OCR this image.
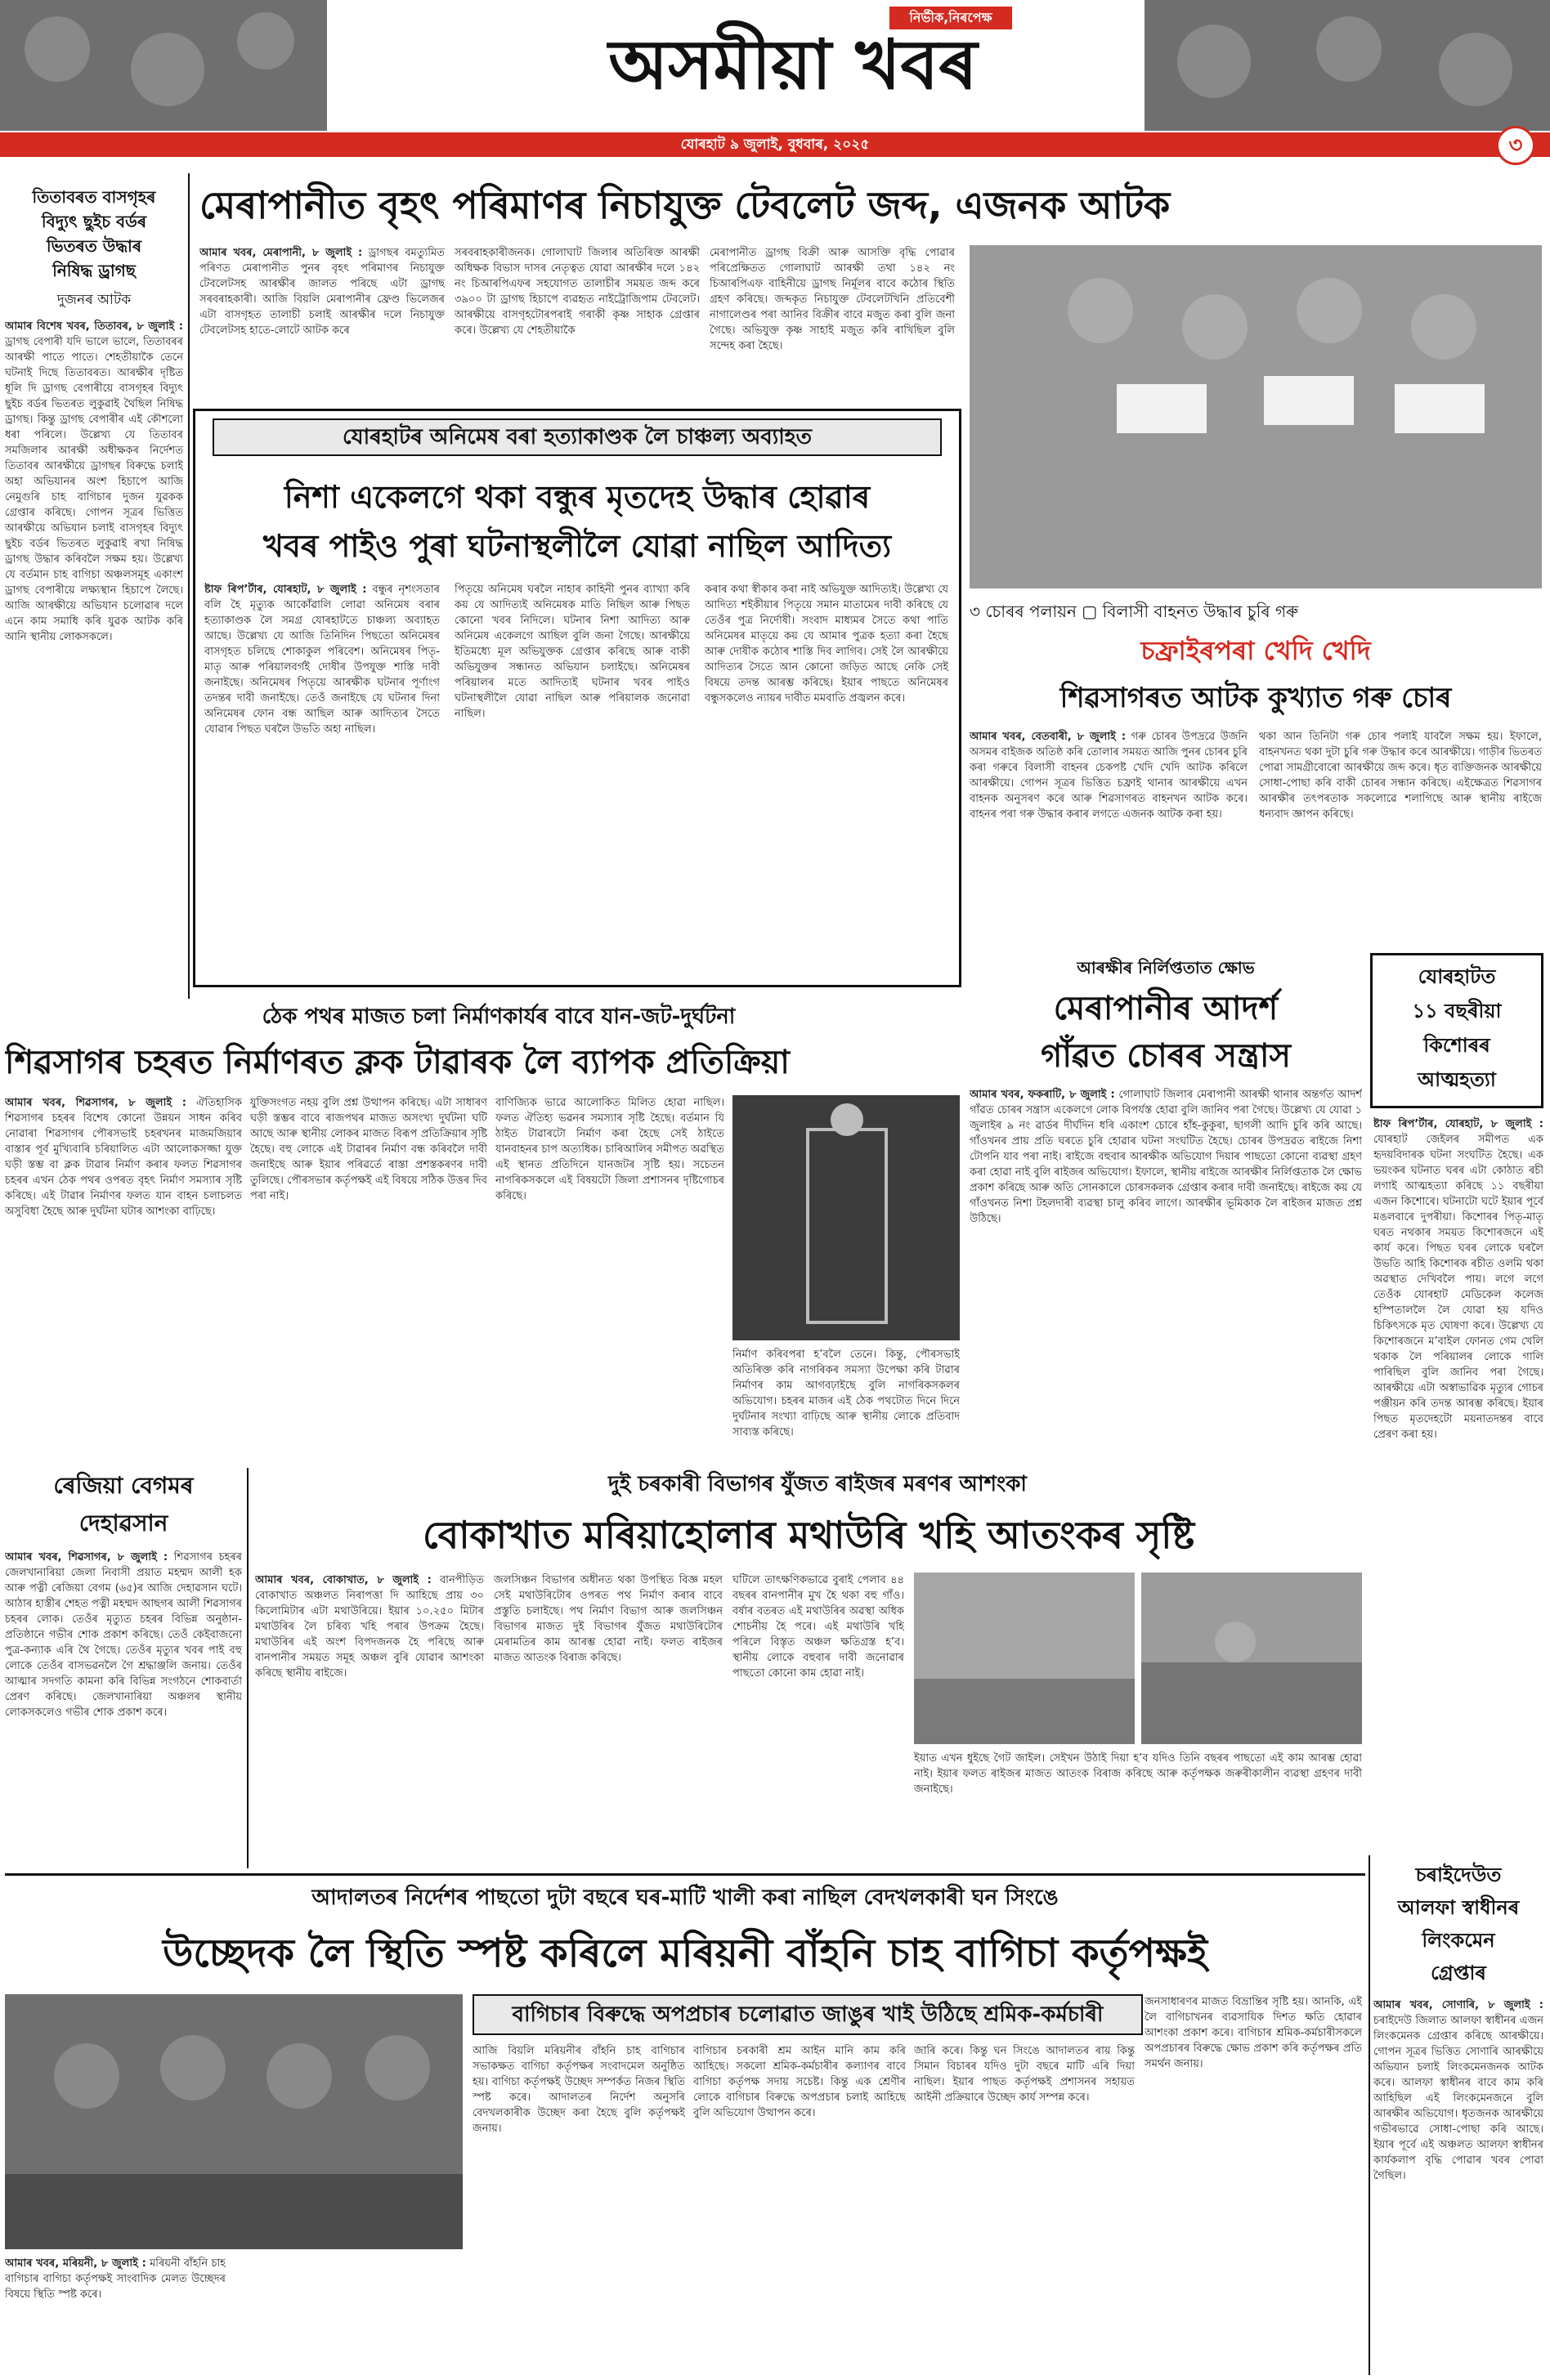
নিৰ্ভীক,নিৰপেক্ষ
অসমীয়া খবৰ
যোৰহাট ৯ জুলাই, বুধবাৰ, ২০২৫	৩
তিতাবৰত বাসগৃহৰ
বিদ্যুৎ ছুইচ বৰ্ডৰ
ভিতৰত উদ্ধাৰ
নিষিদ্ধ ড্ৰাগছ
দুজনৰ আটক
আমাৰ বিশেষ খবৰ, তিতাবৰ, ৮ জুলাই : ড্ৰাগছ বেপাৰী যদি ভালে ভালে, তিতাবৰৰ আৰক্ষী পাতে পাতে। শেহতীয়াকৈ তেনে ঘটনাই দিছে তিতাবৰত। আৰক্ষীৰ দৃষ্টিত ধূলি দি ড্ৰাগছ বেপাৰীয়ে বাসগৃহৰ বিদ্যুৎ ছুইচ বৰ্ডৰ ভিতৰত লুকুৱাই থৈছিল নিষিদ্ধ ড্ৰাগছ। কিন্তু ড্ৰাগছ বেপাৰীৰ এই কৌশলো ধৰা পৰিলে। উল্লেখ্য যে তিতাবৰ সমজিলাৰ আৰক্ষী অধীক্ষকৰ নিৰ্দেশত তিতাবৰ আৰক্ষীয়ে ড্ৰাগছৰ বিৰুদ্ধে চলাই অহা অভিযানৰ অংশ হিচাপে আজি নেমুগুৰি চাহ বাগিচাৰ দুজন যুৱকক গ্ৰেপ্তাৰ কৰিছে। গোপন সূত্ৰৰ ভিত্তিত আৰক্ষীয়ে অভিযান চলাই বাসগৃহৰ বিদ্যুৎ ছুইচ বৰ্ডৰ ভিতৰত লুকুৱাই ৰখা নিষিদ্ধ ড্ৰাগছ উদ্ধাৰ কৰিবলৈ সক্ষম হয়। উল্লেখ্য যে বৰ্তমান চাহ বাগিচা অঞ্চলসমূহ একাংশ ড্ৰাগছ বেপাৰীয়ে লক্ষ্যস্থান হিচাপে লৈছে। আজি আৰক্ষীয়ে অভিযান চলোৱাৰ দলে এনে কাম সমাধি কৰি যুৱক আটক কৰি আনি স্থানীয় লোকসকলে।
মেৰাপানীত বৃহৎ পৰিমাণৰ নিচাযুক্ত টেবলেট জব্দ, এজনক আটক
আমাৰ খবৰ, মেৰাপানী, ৮ জুলাই : ড্ৰাগছৰ বমত্যুমিত পৰিণত মেৰাপানীত পুনৰ বৃহৎ পৰিমাণৰ নিচাযুক্ত টেবলেটসহ আৰক্ষীৰ জালত পৰিছে এটা ড্ৰাগছ সৰবৰাহকাৰী। আজি বিয়লি মেৰাপানীৰ ফ্ৰেণ্ড ভিলেজৰ এটা বাসগৃহত তালাচী চলাই আৰক্ষীৰ দলে নিচাযুক্ত টেবলেটসহ হাতে-লোটে আটক কৰে
সৰবৰাহকাৰীজনক। গোলাঘাট জিলাৰ অতিৰিক্ত আৰক্ষী অধিক্ষক বিভাস দাসৰ নেতৃত্বত যোৱা আৰক্ষীৰ দলে ১৪২ নং চিআৰপিএফৰ সহযোগত তালাচীৰ সময়ত জব্দ কৰে ৩৯০০ টা ড্ৰাগছ হিচাপে ব্যৱহৃত নাইট্ৰোজিপাম টেবলেট। আৰক্ষীয়ে বাসগৃহটোৰপৰাই গৰাকী কৃষ্ণ সাহাক গ্ৰেপ্তাৰ কৰে। উল্লেখ্য যে শেহতীয়াকৈ
মেৰাপানীত ড্ৰাগছ বিক্ৰী আৰু আসক্তি বৃদ্ধি পোৱাৰ পৰিপ্ৰেক্ষিতত গোলাঘাট আৰক্ষী তথা ১৪২ নং চিআৰপিএফ বাহিনীয়ে ড্ৰাগছ নিৰ্মূলৰ বাবে কঠোৰ স্থিতি গ্ৰহণ কৰিছে। জব্দকৃত নিচাযুক্ত টেবলেটখিনি প্ৰতিবেশী নাগালেণ্ডৰ পৰা আনিব বিক্ৰীৰ বাবে মজুত কৰা বুলি জনা গৈছে। অভিযুক্ত কৃষ্ণ সাহাই মজুত কৰি ৰাখিছিল বুলি সন্দেহ কৰা হৈছে।
যোৰহাটৰ অনিমেষ বৰা হত্যাকাণ্ডক লৈ চাঞ্চল্য অব্যাহত
নিশা একেলগে থকা বন্ধুৰ মৃতদেহ উদ্ধাৰ হোৱাৰ
খবৰ পাইও পুৰা ঘটনাস্থলীলৈ যোৱা নাছিল আদিত্য
ষ্টাফ ৰিপ’ৰ্টাৰ, যোৰহাট, ৮ জুলাই : বন্ধুৰ নৃশংসতাৰ বলি হৈ মৃত্যুক আকোঁৱালি লোৱা অনিমেষ বৰাৰ হত্যাকাণ্ডক লৈ সমগ্ৰ যোৰহাটতে চাঞ্চল্য অব্যাহত আছে। উল্লেখ্য যে আজি তিনিদিন পিছতো অনিমেষৰ বাসগৃহত চলিছে শোকাকুল পৰিবেশ। অনিমেষৰ পিতৃ-মাতৃ আৰু পৰিয়ালবৰ্গই দোষীৰ উপযুক্ত শাস্তি দাবী জনাইছে। অনিমেষৰ পিতৃয়ে আৰক্ষীক ঘটনাৰ পূৰ্ণাংগ তদন্তৰ দাবী জনাইছে। তেওঁ জনাইছে যে ঘটনাৰ দিনা অনিমেষৰ ফোন বন্ধ আছিল আৰু আদিত্যৰ সৈতে যোৱাৰ পিছত ঘৰলৈ উভতি অহা নাছিল।
পিতৃয়ে অনিমেষ ঘৰলৈ নাহাৰ কাহিনী পুনৰ ব্যাখ্যা কৰি কয় যে আদিত্যই অনিমেষক মাতি নিছিল আৰু পিছত কোনো খবৰ নিদিলে। ঘটনাৰ নিশা আদিত্য আৰু অনিমেষ একেলগে আছিল বুলি জনা গৈছে। আৰক্ষীয়ে ইতিমধ্যে মূল অভিযুক্তক গ্ৰেপ্তাৰ কৰিছে আৰু বাকী অভিযুক্তৰ সন্ধানত অভিযান চলাইছে। অনিমেষৰ পৰিয়ালৰ মতে আদিত্যই ঘটনাৰ খবৰ পাইও ঘটনাস্থলীলৈ যোৱা নাছিল আৰু পৰিয়ালক জনোৱা নাছিল।
কৰাৰ কথা স্বীকাৰ কৰা নাই অভিযুক্ত আদিত্যই। উল্লেখ্য যে আদিত্য শইকীয়াৰ পিতৃয়ে সমান মাতামেৰ দাবী কৰিছে যে তেওঁৰ পুত্ৰ নিৰ্দোষী। সংবাদ মাধ্যমৰ সৈতে কথা পাতি অনিমেষৰ মাতৃয়ে কয় যে আমাৰ পুত্ৰক হত্যা কৰা হৈছে আৰু দোষীক কঠোৰ শাস্তি দিব লাগিব। সেই লৈ আৰক্ষীয়ে আদিত্যৰ সৈতে আন কোনো জড়িত আছে নেকি সেই বিষয়ে তদন্ত আৰম্ভ কৰিছে। ইয়াৰ পাছতে অনিমেষৰ বন্ধুসকলেও ন্যায়ৰ দাবীত মমবাতি প্ৰজ্বলন কৰে।
৩ চোৰৰ পলায়ন ▢ বিলাসী বাহনত উদ্ধাৰ চুৰি গৰু
চফ্ৰাইৰপৰা খেদি খেদি
শিৱসাগৰত আটক কুখ্যাত গৰু চোৰ
আমাৰ খবৰ, বেতবাৰী, ৮ জুলাই : গৰু চোৰৰ উপদ্ৰৱে উজনি অসমৰ বাইজক অতিষ্ঠ কৰি তোলাৰ সময়ত আজি পুনৰ চোৰৰ চুৰি কৰা গৰুৰে বিলাসী বাহনৰ চেকপষ্ট খেদি খেদি আটক কৰিলে আৰক্ষীয়ে। গোপন সূত্ৰৰ ভিত্তিত চফ্ৰাই থানাৰ আৰক্ষীয়ে এখন বাহনক অনুসৰণ কৰে আৰু শিৱসাগৰত বাহনখন আটক কৰে। বাহনৰ পৰা গৰু উদ্ধাৰ কৰাৰ লগতে এজনক আটক কৰা হয়।
থকা আন তিনিটা গৰু চোৰ পলাই যাবলৈ সক্ষম হয়। ইফালে, বাহনখনত থকা দুটা চুৰি গৰু উদ্ধাৰ কৰে আৰক্ষীয়ে। গাড়ীৰ ভিতৰত পোৱা সামগ্ৰীবোৰো আৰক্ষীয়ে জব্দ কৰে। ধৃত ব্যক্তিজনক আৰক্ষীয়ে সোধা-পোছা কৰি বাকী চোৰৰ সন্ধান কৰিছে। এইক্ষেত্ৰত শিৱসাগৰ আৰক্ষীৰ তৎপৰতাক সকলোৱে শলাগিছে আৰু স্থানীয় ৰাইজে ধন্যবাদ জ্ঞাপন কৰিছে।
ঠেক পথৰ মাজত চলা নিৰ্মাণকাৰ্যৰ বাবে যান-জট-দুৰ্ঘটনা
শিৱসাগৰ চহৰত নিৰ্মাণৰত ক্লক টাৱাৰক লৈ ব্যাপক প্ৰতিক্ৰিয়া
আমাৰ খবৰ, শিৱসাগৰ, ৮ জুলাই : ঐতিহাসিক শিৱসাগৰ চহৰৰ বিশেষ কোনো উন্নয়ন সাধন কৰিব নোৱাৰা শিৱসাগৰ পৌৰসভাই চহৰখনৰ মাজমজিয়াৰ বাস্তাৰ পূৰ্ব মুখ্যিবাৰি চৰিয়ালিত এটা আলোকসজ্জা যুক্ত ঘড়ী স্তম্ভ বা ক্লক টাৱাৰ নিৰ্মাণ কৰাৰ ফলত শিৱসাগৰ চহৰৰ এখন ঠেক পথৰ ওপৰত বৃহৎ নিৰ্মাণ সমস্যাৰ সৃষ্টি কৰিছে। এই টাৱাৰ নিৰ্মাণৰ ফলত যান বাহন চলাচলত অসুবিধা হৈছে আৰু দুৰ্ঘটনা ঘটাৰ আশংকা বাঢ়িছে।
যুক্তিসংগত নহয় বুলি প্ৰশ্ন উত্থাপন কৰিছে। এটা সাধাৰণ ঘড়ী স্তম্ভৰ বাবে ৰাজপথৰ মাজত অসংখ্য দুৰ্ঘটনা ঘটি আছে আৰু স্থানীয় লোকৰ মাজত বিৰূপ প্ৰতিক্ৰিয়াৰ সৃষ্টি হৈছে। বহু লোকে এই টাৱাৰৰ নিৰ্মাণ বন্ধ কৰিবলৈ দাবী জনাইছে আৰু ইয়াৰ পৰিৱৰ্তে ৰাস্তা প্ৰশস্তকৰণৰ দাবী তুলিছে। পৌৰসভাৰ কৰ্তৃপক্ষই এই বিষয়ে সঠিক উত্তৰ দিব পৰা নাই।
বাণিজ্যিক ভাৱে আলোকিত মিলিত হোৱা নাছিল। ফলত ঐতিহ্য ভৱনৰ সমস্যাৰ সৃষ্টি হৈছে। বৰ্তমান যি ঠাইত টাৱাৰটো নিৰ্মাণ কৰা হৈছে সেই ঠাইতে যানবাহনৰ চাপ অত্যধিক। চাৰিআলিৰ সমীপত অৱস্থিত এই স্থানত প্ৰতিদিনে যানজটৰ সৃষ্টি হয়। সচেতন নাগৰিকসকলে এই বিষয়টো জিলা প্ৰশাসনৰ দৃষ্টিগোচৰ কৰিছে।
নিৰ্মাণ কৰিবপৰা হ’বলৈ তেনে। কিন্তু, পৌৰসভাই অতিৰিক্ত কৰি নাগৰিকৰ সমস্যা উপেক্ষা কৰি টাৱাৰ নিৰ্মাণৰ কাম আগবঢ়াইছে বুলি নাগৰিকসকলৰ অভিযোগ। চহৰৰ মাজৰ এই ঠেক পথটোত দিনে দিনে দুৰ্ঘটনাৰ সংখ্যা বাঢ়িছে আৰু স্থানীয় লোকে প্ৰতিবাদ সাব্যস্ত কৰিছে।
আৰক্ষীৰ নিৰ্লিপ্ততাত ক্ষোভ
মেৰাপানীৰ আদৰ্শ
গাঁৱত চোৰৰ সন্ত্ৰাস
আমাৰ খবৰ, ফকৰাটি, ৮ জুলাই : গোলাঘাট জিলাৰ মেৰাপানী আৰক্ষী থানাৰ অন্তৰ্গত আদৰ্শ গাঁৱত চোৰৰ সন্ত্ৰাস একেলগে লোক বিপৰ্যস্ত হোৱা বুলি জানিব পৰা গৈছে। উল্লেখ্য যে যোৱা ১ জুলাইৰ ৯ নং ৱাৰ্ডৰ দীৰ্ঘদিন ধৰি একাংশ চোৰে হাঁহ-কুকুৰা, ছাগলী আদি চুৰি কৰি আছে। গাঁওখনৰ প্ৰায় প্ৰতি ঘৰতে চুৰি হোৱাৰ ঘটনা সংঘটিত হৈছে। চোৰৰ উপদ্ৰৱত ৰাইজে নিশা টোপনি যাব পৰা নাই। ৰাইজে বহুবাৰ আৰক্ষীক অভিযোগ দিয়াৰ পাছতো কোনো ব্যৱস্থা গ্ৰহণ কৰা হোৱা নাই বুলি ৰাইজৰ অভিযোগ। ইফালে, স্থানীয় ৰাইজে আৰক্ষীৰ নিৰ্লিপ্ততাক লৈ ক্ষোভ প্ৰকাশ কৰিছে আৰু অতি সোনকালে চোৰসকলক গ্ৰেপ্তাৰ কৰাৰ দাবী জনাইছে। ৰাইজে কয় যে গাঁওখনত নিশা টহলদাৰী ব্যৱস্থা চালু কৰিব লাগে। আৰক্ষীৰ ভূমিকাক লৈ ৰাইজৰ মাজত প্ৰশ্ন উঠিছে।
যোৰহাটত
১১ বছৰীয়া
কিশোৰৰ
আত্মহত্যা
ষ্টাফ ৰিপ’ৰ্টাৰ, যোৰহাট, ৮ জুলাই : যোৰহাট জেইলৰ সমীপত এক হৃদয়বিদাৰক ঘটনা সংঘটিত হৈছে। এক ভয়ংকৰ ঘটনাত ঘৰৰ এটা কোঠাত ৰচী লগাই আত্মহত্যা কৰিছে ১১ বছৰীয়া এজন কিশোৰে। ঘটনাটো ঘটে ইয়াৰ পূৰ্বে মঙলবাৰে দুপৰীয়া। কিশোৰৰ পিতৃ-মাতৃ ঘৰত নথকাৰ সময়ত কিশোৰজনে এই কাৰ্য কৰে। পিছত ঘৰৰ লোকে ঘৰলৈ উভতি আহি কিশোৰক ৰচীত ওলমি থকা অৱস্থাত দেখিবলৈ পায়। লগে লগে তেওঁক যোৰহাট মেডিকেল কলেজ হস্পিতাললৈ লৈ যোৱা হয় যদিও চিকিৎসকে মৃত ঘোষণা কৰে। উল্লেখ্য যে কিশোৰজনে ম’বাইল ফোনত গেম খেলি থকাক লৈ পৰিয়ালৰ লোকে গালি পাৰিছিল বুলি জানিব পৰা গৈছে। আৰক্ষীয়ে এটা অস্বাভাৱিক মৃত্যুৰ গোচৰ পঞ্জীয়ন কৰি তদন্ত আৰম্ভ কৰিছে। ইয়াৰ পিছত মৃতদেহটো ময়নাতদন্তৰ বাবে প্ৰেৰণ কৰা হয়।
ৰেজিয়া বেগমৰ
দেহাৱসান
আমাৰ খবৰ, শিৱসাগৰ, ৮ জুলাই : শিৱসাগৰ চহৰৰ জেলখানাৰিয়া জেলা নিবাসী প্ৰয়াত মহম্মদ আলী হক আৰু পত্নী ৰেজিয়া বেগম (৬৫)ৰ আজি দেহাৱসান ঘটে। আঠাৰ হাস্তীৰ শেহত পত্নী মহম্মদ আছগৰ আলী শিৱসাগৰ চহৰৰ লোক। তেওঁৰ মৃত্যুত চহৰৰ বিভিন্ন অনুষ্ঠান-প্ৰতিষ্ঠানে গভীৰ শোক প্ৰকাশ কৰিছে। তেওঁ কেইবাজনো পুত্ৰ-কন্যাক এৰি থৈ গৈছে। তেওঁৰ মৃত্যুৰ খবৰ পাই বহু লোকে তেওঁৰ বাসভৱনলৈ গৈ শ্ৰদ্ধাঞ্জলি জনায়। তেওঁৰ আত্মাৰ সদগতি কামনা কৰি বিভিন্ন সংগঠনে শোকবাৰ্তা প্ৰেৰণ কৰিছে। জেলখানাৰিয়া অঞ্চলৰ স্থানীয় লোকসকলেও গভীৰ শোক প্ৰকাশ কৰে।
দুই চৰকাৰী বিভাগৰ যুঁজত ৰাইজৰ মৰণৰ আশংকা
বোকাখাত মৰিয়াহোলাৰ মথাউৰি খহি আতংকৰ সৃষ্টি
আমাৰ খবৰ, বোকাখাত, ৮ জুলাই : বানপীড়িত বোকাখাত অঞ্চলত নিৰাপত্তা দি আহিছে প্ৰায় ৩০ কিলোমিটাৰ এটা মথাউৰিয়ে। ইয়াৰ ১০.২৫০ মিটাৰ মথাউৰিৰ লৈ চৰিব্য খহি পৰাৰ উপক্ৰম হৈছে। মথাউৰিৰ এই অংশ বিপদজনক হৈ পৰিছে আৰু বানপানীৰ সময়ত সমূহ অঞ্চল বুৰি যোৱাৰ আশংকা কৰিছে স্থানীয় ৰাইজে।
জলসিঞ্চন বিভাগৰ অধীনত থকা উপস্থিত বিজ্ঞ মহল সেই মথাউৰিটোৰ ওপৰত পথ নিৰ্মাণ কৰাৰ বাবে প্ৰস্তুতি চলাইছে। পথ নিৰ্মাণ বিভাগ আৰু জলসিঞ্চন বিভাগৰ মাজত দুই বিভাগৰ যুঁজত মথাউৰিটোৰ মেৰামতিৰ কাম আৰম্ভ হোৱা নাই। ফলত ৰাইজৰ মাজত আতংক বিৰাজ কৰিছে।
ঘটিলে তাৎক্ষণিকভাৱে বুৰাই পেলাব ৪৪ বছৰৰ বানপানীৰ মুখ হৈ থকা বহু গাঁও। বৰ্ষাৰ বতৰত এই মথাউৰিৰ অৱস্থা অধিক শোচনীয় হৈ পৰে। এই মথাউৰি খহি পৰিলে বিস্তৃত অঞ্চল ক্ষতিগ্ৰস্ত হ’ব। স্থানীয় লোকে বহুবাৰ দাবী জনোৱাৰ পাছতো কোনো কাম হোৱা নাই।
ইয়াত এখন ধুইছে গৈট জাইল। সেইখন উঠাই দিয়া হ’ব যদিও তিনি বছৰৰ পাছতো এই কাম আৰম্ভ হোৱা নাই। ইয়াৰ ফলত ৰাইজৰ মাজত আতংক বিৰাজ কৰিছে আৰু কৰ্তৃপক্ষক জৰুৰীকালীন ব্যৱস্থা গ্ৰহণৰ দাবী জনাইছে।
আদালতৰ নিৰ্দেশৰ পাছতো দুটা বছৰে ঘৰ-মাটি খালী কৰা নাছিল বেদখলকাৰী ঘন সিংঙে
উচ্ছেদক লৈ স্থিতি স্পষ্ট কৰিলে মৰিয়নী বাঁহনি চাহ বাগিচা কৰ্তৃপক্ষই
আমাৰ খবৰ, মৰিয়নী, ৮ জুলাই : মৰিয়নী বাঁহনি চাহ বাগিচাৰ বাগিচা কৰ্তৃপক্ষই সাংবাদিক মেলত উচ্ছেদৰ বিষয়ে স্থিতি স্পষ্ট কৰে।
বাগিচাৰ বিৰুদ্ধে অপপ্ৰচাৰ চলোৱাত জাঙুৰ খাই উঠিছে শ্ৰমিক-কৰ্মচাৰী
আজি বিয়লি মৰিয়নীৰ বাঁহনি চাহ বাগিচাৰ সভাকক্ষত বাগিচা কৰ্তৃপক্ষৰ সংবাদমেল অনুষ্ঠিত হয়। বাগিচা কৰ্তৃপক্ষই উচ্ছেদ সম্পৰ্কত নিজৰ স্থিতি স্পষ্ট কৰে। আদালতৰ নিৰ্দেশ অনুসৰি বেদখলকাৰীক উচ্ছেদ কৰা হৈছে বুলি কৰ্তৃপক্ষই জনায়।
বাগিচাৰ চৰকাৰী শ্ৰম আইন মানি কাম কৰি আহিছে। সকলো শ্ৰমিক-কৰ্মচাৰীৰ কল্যাণৰ বাবে বাগিচা কৰ্তৃপক্ষ সদায় সচেষ্ট। কিন্তু এক শ্ৰেণীৰ লোকে বাগিচাৰ বিৰুদ্ধে অপপ্ৰচাৰ চলাই আহিছে বুলি অভিযোগ উত্থাপন কৰে।
জাৰি কৰে। কিন্তু ঘন সিংঙে আদালতৰ ৰায় কিন্তু সিমান বিচাৰৰ যদিও দুটা বছৰে মাটি এৰি দিয়া নাছিল। ইয়াৰ পাছত কৰ্তৃপক্ষই প্ৰশাসনৰ সহায়ত আইনী প্ৰক্ৰিয়াৰে উচ্ছেদ কাৰ্য সম্পন্ন কৰে।
জনসাধাৰণৰ মাজত বিভ্ৰান্তিৰ সৃষ্টি হয়। আনকি, এই লৈ বাগিচাখনৰ ব্যৱসায়িক দিশত ক্ষতি হোৱাৰ আশংকা প্ৰকাশ কৰে। বাগিচাৰ শ্ৰমিক-কৰ্মচাৰীসকলে অপপ্ৰচাৰৰ বিৰুদ্ধে ক্ষোভ প্ৰকাশ কৰি কৰ্তৃপক্ষৰ প্ৰতি সমৰ্থন জনায়।
চৰাইদেউত
আলফা স্বাধীনৰ
লিংকমেন
গ্ৰেপ্তাৰ
আমাৰ খবৰ, সোণাৰি, ৮ জুলাই : চৰাইদেউ জিলাত আলফা স্বাধীনৰ এজন লিংকমেনক গ্ৰেপ্তাৰ কৰিছে আৰক্ষীয়ে। গোপন সূত্ৰৰ ভিত্তিত সোণাৰি আৰক্ষীয়ে অভিযান চলাই লিংকমেনজনক আটক কৰে। আলফা স্বাধীনৰ বাবে কাম কৰি আহিছিল এই লিংকমেনজনে বুলি আৰক্ষীৰ অভিযোগ। ধৃতজনক আৰক্ষীয়ে গভীৰভাৱে সোধা-পোছা কৰি আছে। ইয়াৰ পূৰ্বে এই অঞ্চলত আলফা স্বাধীনৰ কাৰ্যকলাপ বৃদ্ধি পোৱাৰ খবৰ পোৱা গৈছিল।
